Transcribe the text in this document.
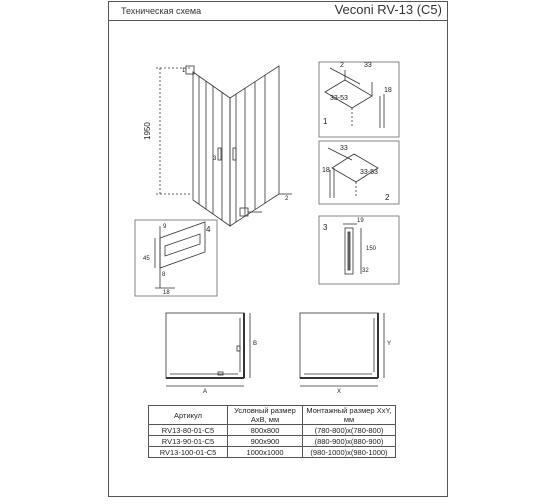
Техническая схема	Veconi RV-13 (C5)
1950
3
2
1
1
2	33
33-53
18
2
33
18	33-53
3
19
150
32
4
9
45
8
18
A
B
X
Y
Артикул	Условный размер АхВ, мм	Монтажный размер ХхY, мм
RV13-80-01-C5	800х800	(780-800)х(780-800)
RV13-90-01-C5	900х900	(880-900)х(880-900)
RV13-100-01-C5	1000х1000	(980-1000)х(980-1000)
